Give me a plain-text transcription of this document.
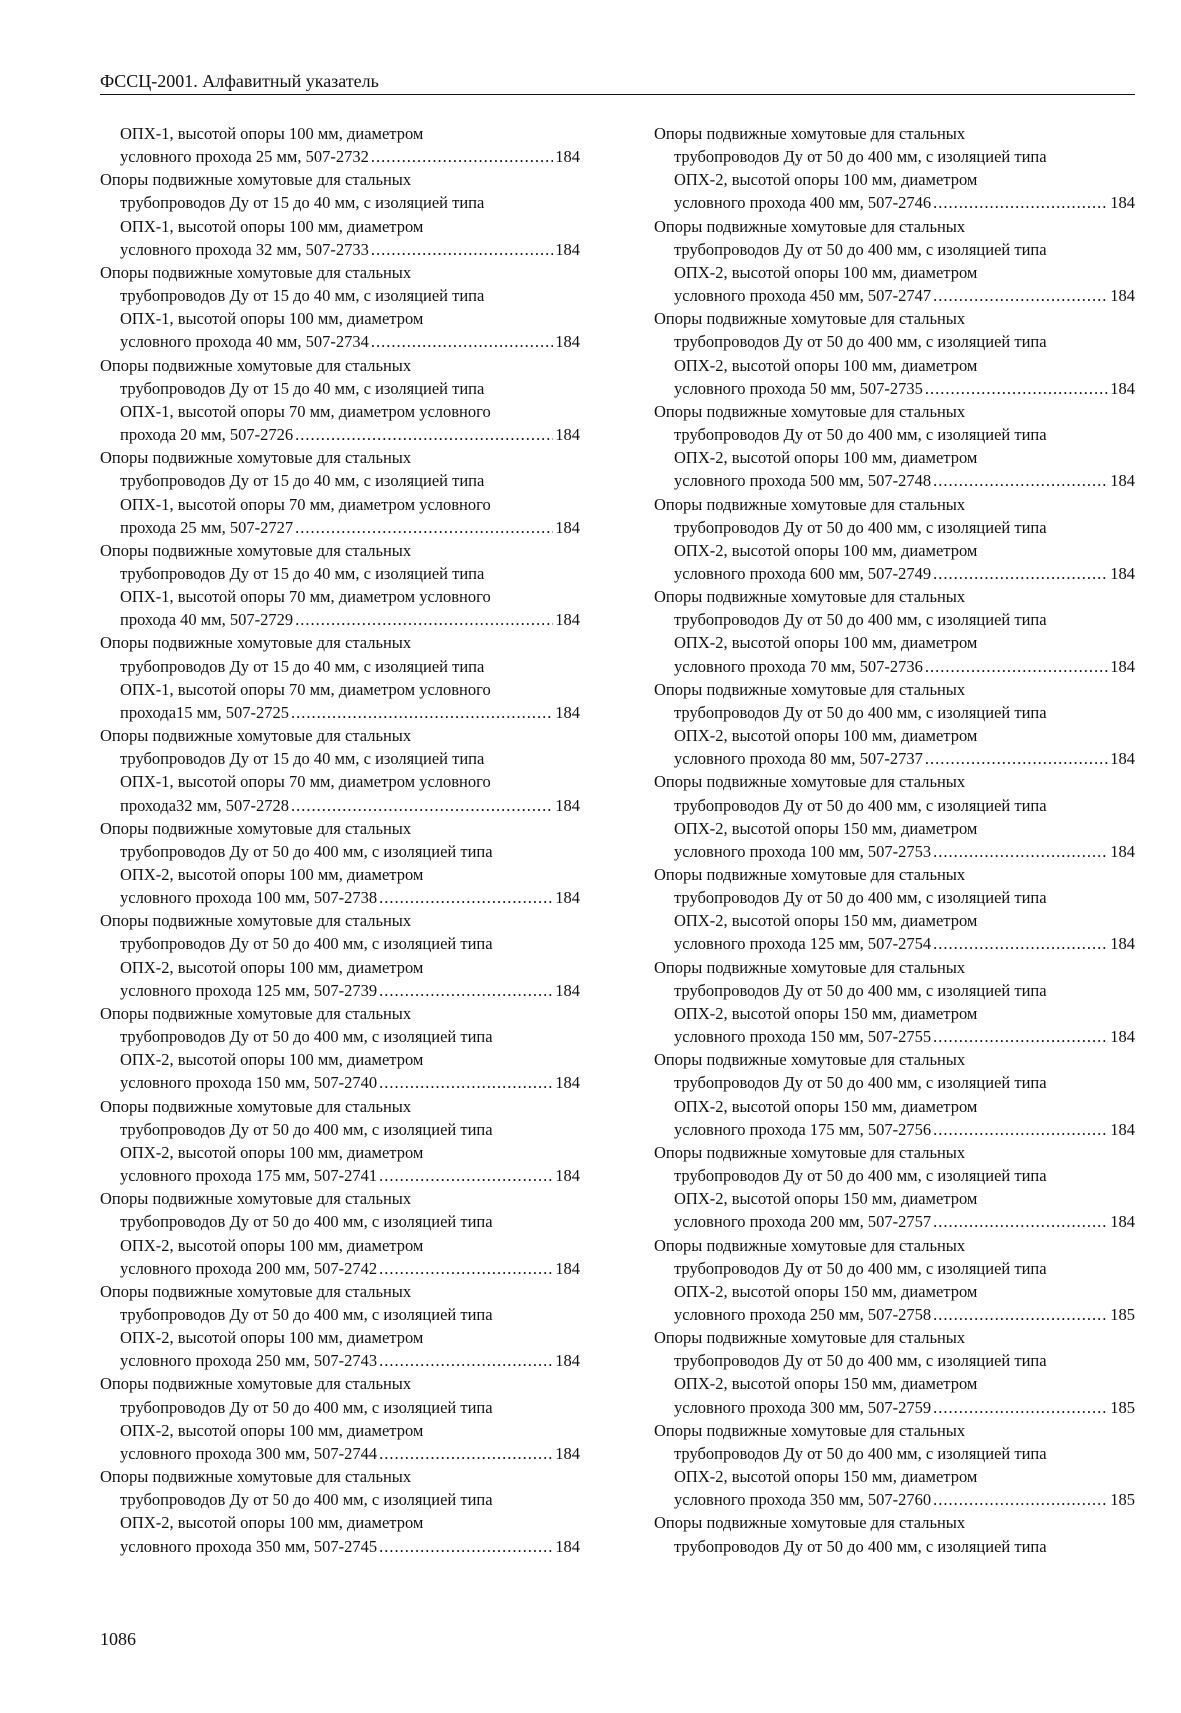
ФССЦ-2001. Алфавитный указатель
ОПХ-1, высотой опоры 100 мм, диаметром
условного прохода 25 мм, 507-2732 .....	184
Опоры подвижные хомутовые для стальных
трубопроводов Ду от 15 до 40 мм, с изоляцией типа
ОПХ-1, высотой опоры 100 мм, диаметром
условного прохода 32 мм, 507-2733 .....	184
Опоры подвижные хомутовые для стальных
трубопроводов Ду от 15 до 40 мм, с изоляцией типа
ОПХ-1, высотой опоры 100 мм, диаметром
условного прохода 40 мм, 507-2734 .....	184
Опоры подвижные хомутовые для стальных
трубопроводов Ду от 15 до 40 мм, с изоляцией типа
ОПХ-1, высотой опоры 70 мм, диаметром условного
прохода 20 мм, 507-2726 .....	184
Опоры подвижные хомутовые для стальных
трубопроводов Ду от 15 до 40 мм, с изоляцией типа
ОПХ-1, высотой опоры 70 мм, диаметром условного
прохода 25 мм, 507-2727 .....	184
Опоры подвижные хомутовые для стальных
трубопроводов Ду от 15 до 40 мм, с изоляцией типа
ОПХ-1, высотой опоры 70 мм, диаметром условного
прохода 40 мм, 507-2729 .....	184
Опоры подвижные хомутовые для стальных
трубопроводов Ду от 15 до 40 мм, с изоляцией типа
ОПХ-1, высотой опоры 70 мм, диаметром условного
прохода15 мм, 507-2725 .....	184
Опоры подвижные хомутовые для стальных
трубопроводов Ду от 15 до 40 мм, с изоляцией типа
ОПХ-1, высотой опоры 70 мм, диаметром условного
прохода32 мм, 507-2728 .....	184
Опоры подвижные хомутовые для стальных
трубопроводов Ду от 50 до 400 мм, с изоляцией типа
ОПХ-2, высотой опоры 100 мм, диаметром
условного прохода 100 мм, 507-2738 .....	184
Опоры подвижные хомутовые для стальных
трубопроводов Ду от 50 до 400 мм, с изоляцией типа
ОПХ-2, высотой опоры 100 мм, диаметром
условного прохода 125 мм, 507-2739 .....	184
Опоры подвижные хомутовые для стальных
трубопроводов Ду от 50 до 400 мм, с изоляцией типа
ОПХ-2, высотой опоры 100 мм, диаметром
условного прохода 150 мм, 507-2740 .....	184
Опоры подвижные хомутовые для стальных
трубопроводов Ду от 50 до 400 мм, с изоляцией типа
ОПХ-2, высотой опоры 100 мм, диаметром
условного прохода 175 мм, 507-2741 .....	184
Опоры подвижные хомутовые для стальных
трубопроводов Ду от 50 до 400 мм, с изоляцией типа
ОПХ-2, высотой опоры 100 мм, диаметром
условного прохода 200 мм, 507-2742 .....	184
Опоры подвижные хомутовые для стальных
трубопроводов Ду от 50 до 400 мм, с изоляцией типа
ОПХ-2, высотой опоры 100 мм, диаметром
условного прохода 250 мм, 507-2743 .....	184
Опоры подвижные хомутовые для стальных
трубопроводов Ду от 50 до 400 мм, с изоляцией типа
ОПХ-2, высотой опоры 100 мм, диаметром
условного прохода 300 мм, 507-2744 .....	184
Опоры подвижные хомутовые для стальных
трубопроводов Ду от 50 до 400 мм, с изоляцией типа
ОПХ-2, высотой опоры 100 мм, диаметром
условного прохода 350 мм, 507-2745 .....	184
Опоры подвижные хомутовые для стальных
трубопроводов Ду от 50 до 400 мм, с изоляцией типа
ОПХ-2, высотой опоры 100 мм, диаметром
условного прохода 400 мм, 507-2746 .....	184
Опоры подвижные хомутовые для стальных
трубопроводов Ду от 50 до 400 мм, с изоляцией типа
ОПХ-2, высотой опоры 100 мм, диаметром
условного прохода 450 мм, 507-2747 .....	184
Опоры подвижные хомутовые для стальных
трубопроводов Ду от 50 до 400 мм, с изоляцией типа
ОПХ-2, высотой опоры 100 мм, диаметром
условного прохода 50 мм, 507-2735 .....	184
Опоры подвижные хомутовые для стальных
трубопроводов Ду от 50 до 400 мм, с изоляцией типа
ОПХ-2, высотой опоры 100 мм, диаметром
условного прохода 500 мм, 507-2748 .....	184
Опоры подвижные хомутовые для стальных
трубопроводов Ду от 50 до 400 мм, с изоляцией типа
ОПХ-2, высотой опоры 100 мм, диаметром
условного прохода 600 мм, 507-2749 .....	184
Опоры подвижные хомутовые для стальных
трубопроводов Ду от 50 до 400 мм, с изоляцией типа
ОПХ-2, высотой опоры 100 мм, диаметром
условного прохода 70 мм, 507-2736 .....	184
Опоры подвижные хомутовые для стальных
трубопроводов Ду от 50 до 400 мм, с изоляцией типа
ОПХ-2, высотой опоры 100 мм, диаметром
условного прохода 80 мм, 507-2737 .....	184
Опоры подвижные хомутовые для стальных
трубопроводов Ду от 50 до 400 мм, с изоляцией типа
ОПХ-2, высотой опоры 150 мм, диаметром
условного прохода 100 мм, 507-2753 .....	184
Опоры подвижные хомутовые для стальных
трубопроводов Ду от 50 до 400 мм, с изоляцией типа
ОПХ-2, высотой опоры 150 мм, диаметром
условного прохода 125 мм, 507-2754 .....	184
Опоры подвижные хомутовые для стальных
трубопроводов Ду от 50 до 400 мм, с изоляцией типа
ОПХ-2, высотой опоры 150 мм, диаметром
условного прохода 150 мм, 507-2755 .....	184
Опоры подвижные хомутовые для стальных
трубопроводов Ду от 50 до 400 мм, с изоляцией типа
ОПХ-2, высотой опоры 150 мм, диаметром
условного прохода 175 мм, 507-2756 .....	184
Опоры подвижные хомутовые для стальных
трубопроводов Ду от 50 до 400 мм, с изоляцией типа
ОПХ-2, высотой опоры 150 мм, диаметром
условного прохода 200 мм, 507-2757 .....	184
Опоры подвижные хомутовые для стальных
трубопроводов Ду от 50 до 400 мм, с изоляцией типа
ОПХ-2, высотой опоры 150 мм, диаметром
условного прохода 250 мм, 507-2758 .....	185
Опоры подвижные хомутовые для стальных
трубопроводов Ду от 50 до 400 мм, с изоляцией типа
ОПХ-2, высотой опоры 150 мм, диаметром
условного прохода 300 мм, 507-2759 .....	185
Опоры подвижные хомутовые для стальных
трубопроводов Ду от 50 до 400 мм, с изоляцией типа
ОПХ-2, высотой опоры 150 мм, диаметром
условного прохода 350 мм, 507-2760 .....	185
Опоры подвижные хомутовые для стальных
трубопроводов Ду от 50 до 400 мм, с изоляцией типа
1086
